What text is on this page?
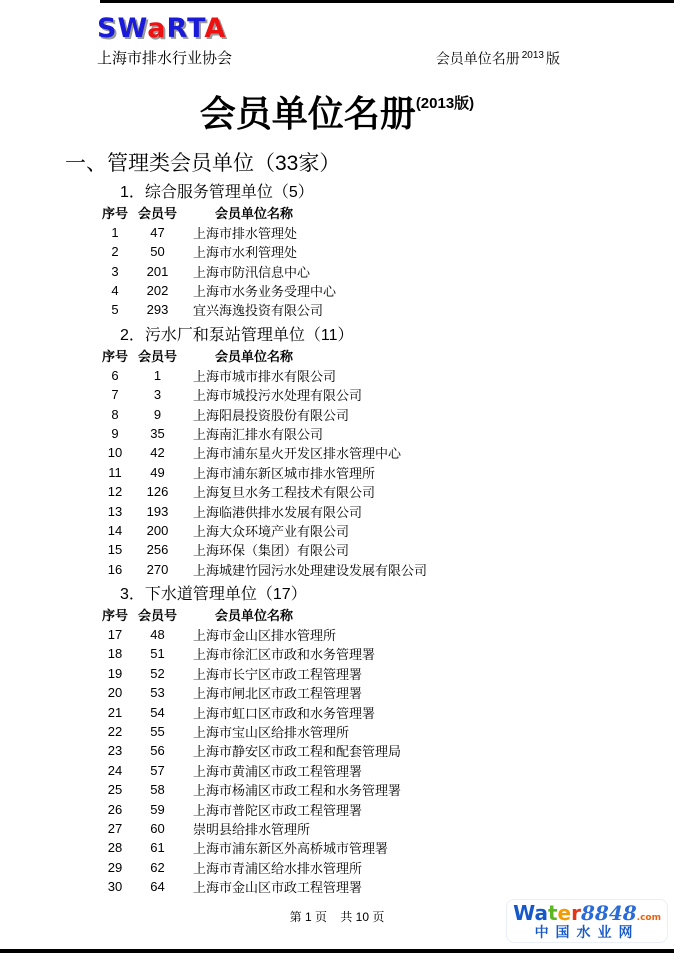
SWaRTA
上海市排水行业协会	会员单位名册 $^{2013}$ 版
会员单位名册$^{(2013版)}$
一、管理类会员单位（33家）
1．综合服务管理单位（5）
序号 会员号	会员单位名称
1	47	上海市排水管理处
2	50	上海市水利管理处
3	201	上海市防汛信息中心
4	202	上海市水务业务受理中心
5	293	宜兴海逸投资有限公司
2．污水厂和泵站管理单位（11）
序号 会员号	会员单位名称
6	1	上海市城市排水有限公司
7	3	上海市城投污水处理有限公司
8	9	上海阳晨投资股份有限公司
9	35	上海南汇排水有限公司
10	42	上海市浦东星火开发区排水管理中心
11	49	上海市浦东新区城市排水管理所
12	126	上海复旦水务工程技术有限公司
13	193	上海临港供排水发展有限公司
14	200	上海大众环境产业有限公司
15	256	上海环保（集团）有限公司
16	270	上海城建竹园污水处理建设发展有限公司
3．下水道管理单位（17）
序号 会员号	会员单位名称
17	48	上海市金山区排水管理所
18	51	上海市徐汇区市政和水务管理署
19	52	上海市长宁区市政工程管理署
20	53	上海市闸北区市政工程管理署
21	54	上海市虹口区市政和水务管理署
22	55	上海市宝山区给排水管理所
23	56	上海市静安区市政工程和配套管理局
24	57	上海市黄浦区市政工程管理署
25	58	上海市杨浦区市政工程和水务管理署
26	59	上海市普陀区市政工程管理署
27	60	崇明县给排水管理所
28	61	上海市浦东新区外高桥城市管理署
29	62	上海市青浦区给水排水管理所
30	64	上海市金山区市政工程管理署
第 1 页    共 10 页	Water8848.com
中国水业网
